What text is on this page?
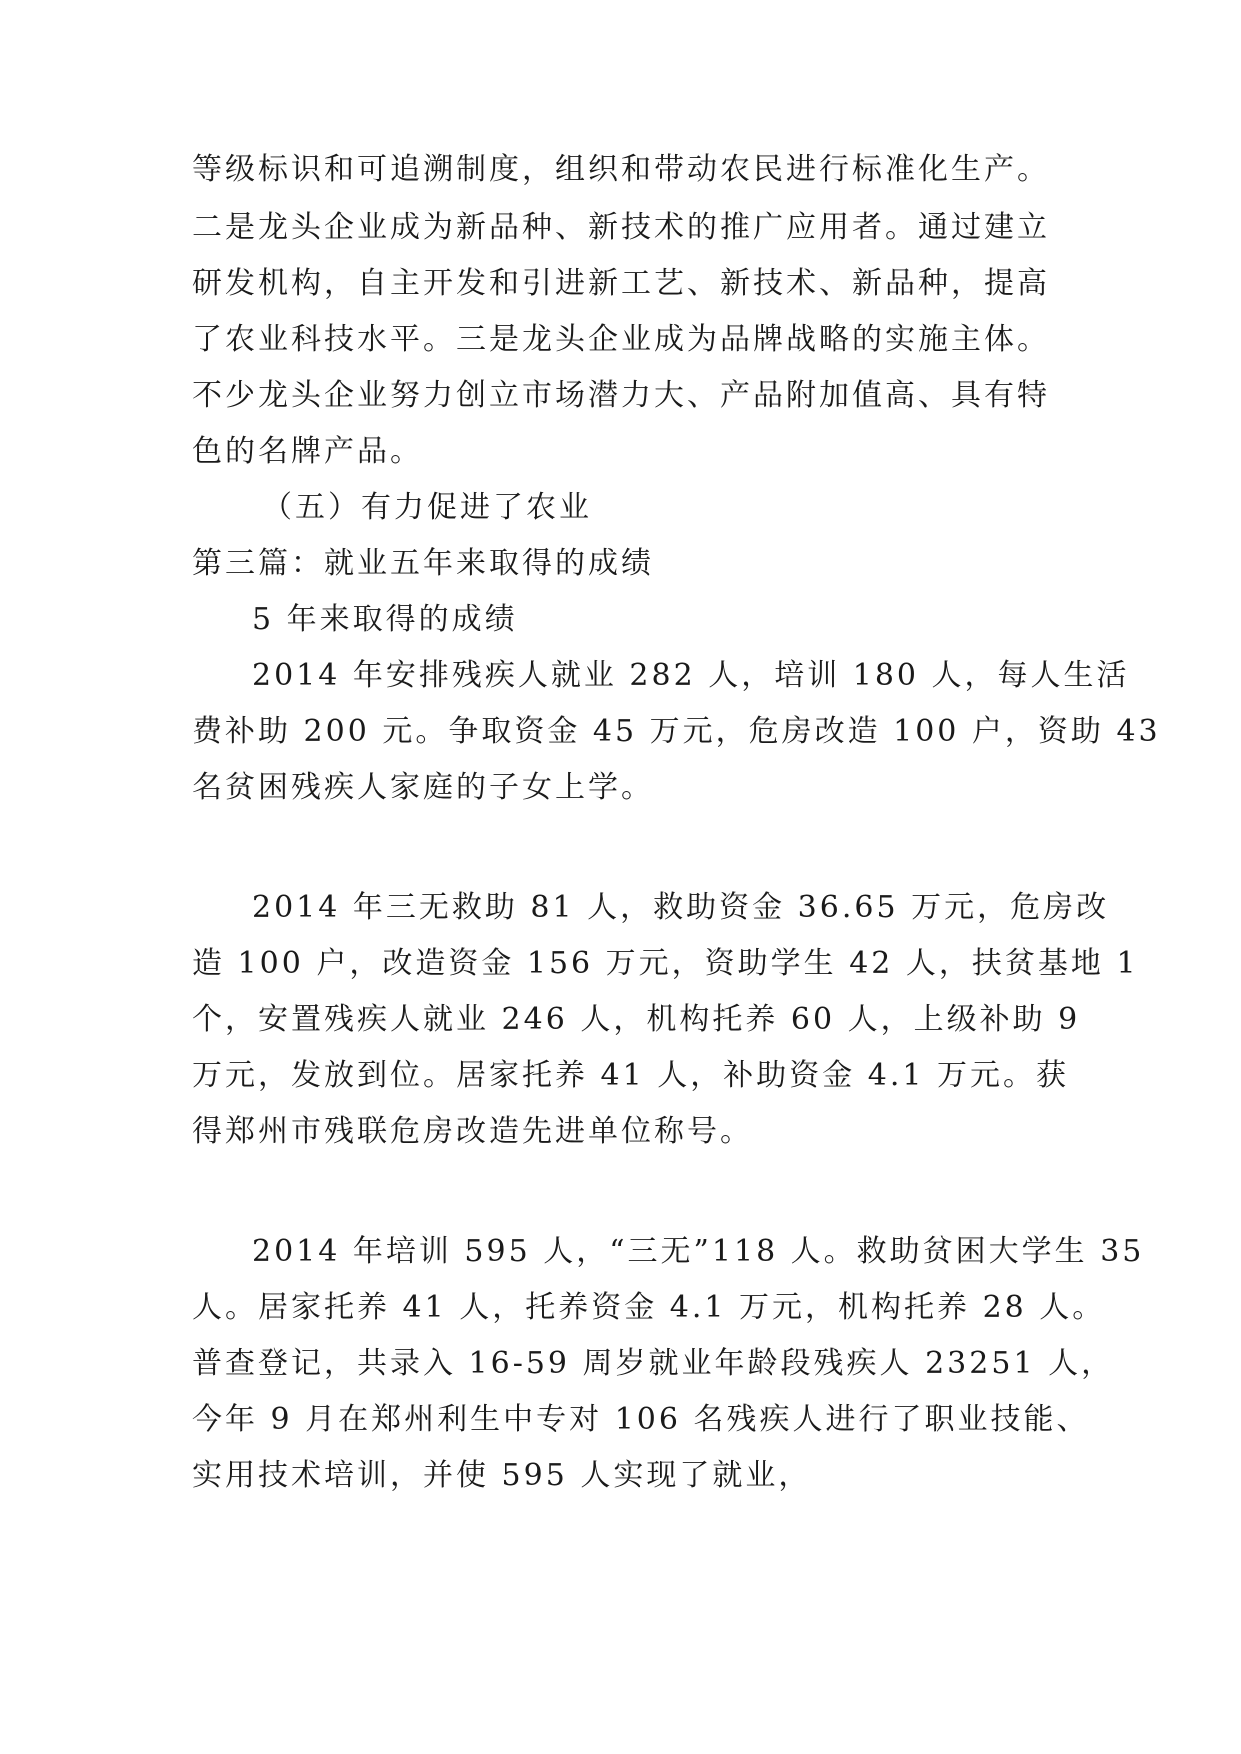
等级标识和可追溯制度，组织和带动农民进行标准化生产。
二是龙头企业成为新品种、新技术的推广应用者。通过建立
研发机构，自主开发和引进新工艺、新技术、新品种，提高
了农业科技水平。三是龙头企业成为品牌战略的实施主体。
不少龙头企业努力创立市场潜力大、产品附加值高、具有特
色的名牌产品。
（五）有力促进了农业
第三篇：就业五年来取得的成绩
5 年来取得的成绩
2014 年安排残疾人就业 282 人，培训 180 人，每人生活
费补助 200 元。争取资金 45 万元，危房改造 100 户，资助 43
名贫困残疾人家庭的子女上学。
2014 年三无救助 81 人，救助资金 36.65 万元，危房改
造 100 户，改造资金 156 万元，资助学生 42 人，扶贫基地 1
个，安置残疾人就业 246 人，机构托养 60 人，上级补助 9
万元，发放到位。居家托养 41 人，补助资金 4.1 万元。获
得郑州市残联危房改造先进单位称号。
2014 年培训 595 人，“三无”118 人。救助贫困大学生 35
人。居家托养 41 人，托养资金 4.1 万元，机构托养 28 人。
普查登记，共录入 16-59 周岁就业年龄段残疾人 23251 人，
今年 9 月在郑州利生中专对 106 名残疾人进行了职业技能、
实用技术培训，并使 595 人实现了就业，
